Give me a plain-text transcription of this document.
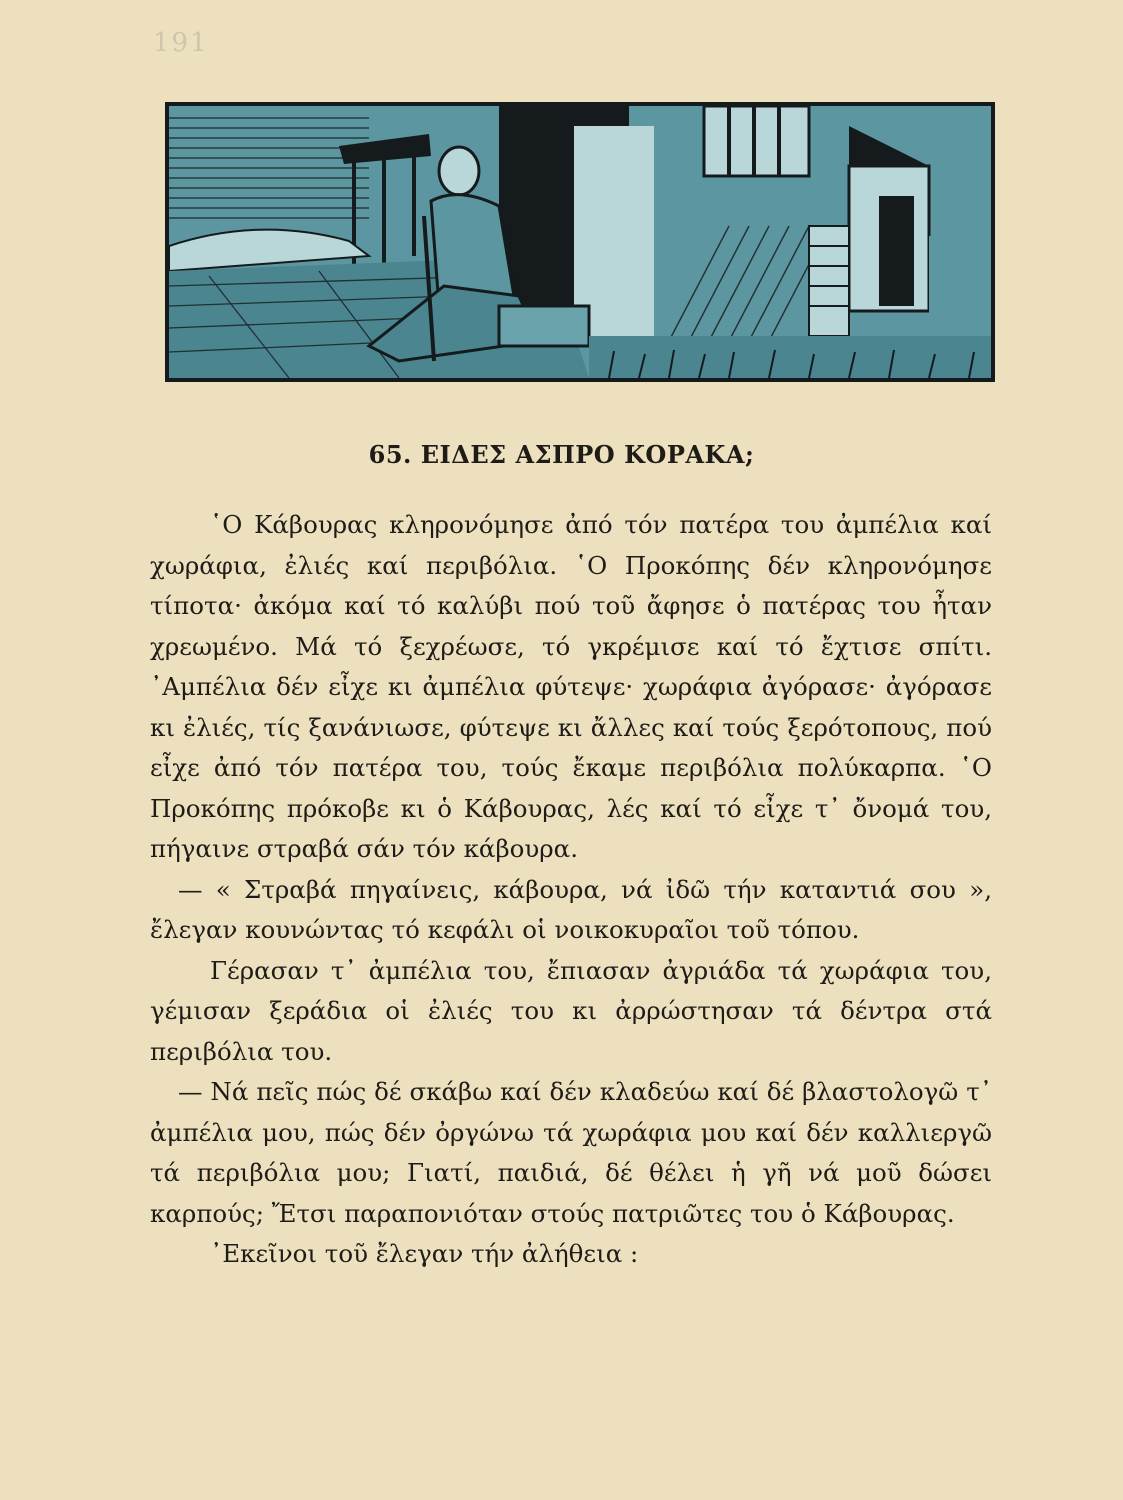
191
65. ΕΙΔΕΣ ΑΣΠΡΟ ΚΟΡΑΚΑ;

῾Ο Κάβουρας κληρονόμησε ἀπό τόν πατέρα του ἀμπέλια καί χωράφια, ἐλιές καί περιβόλια. ῾Ο Προκόπης δέν κληρονόμησε τίποτα· ἀκόμα καί τό καλύβι πού τοῦ ἄφησε ὁ πατέρας του ἦταν χρεωμένο. Μά τό ξεχρέωσε, τό γκρέμισε καί τό ἔχτισε σπίτι. ᾿Αμπέλια δέν εἶχε κι ἀμπέλια φύτεψε· χωράφια ἀγόρασε· ἀγόρασε κι ἐλιές, τίς ξανάνιωσε, φύτεψε κι ἄλλες καί τούς ξερότοπους, πού εἶχε ἀπό τόν πατέρα του, τούς ἔκαμε περιβόλια πολύκαρπα. ῾Ο Προκόπης πρόκοβε κι ὁ Κάβουρας, λές καί τό εἶχε τ᾿ ὄνομά του, πήγαινε στραβά σάν τόν κάβουρα.

— « Στραβά πηγαίνεις, κάβουρα, νά ἰδῶ τήν καταντιά σου », ἔλεγαν κουνώντας τό κεφάλι οἱ νοικοκυραῖοι τοῦ τόπου.

Γέρασαν τ᾿ ἀμπέλια του, ἔπιασαν ἀγριάδα τά χωράφια του, γέμισαν ξεράδια οἱ ἐλιές του κι ἀρρώστησαν τά δέντρα στά περιβόλια του.

— Νά πεῖς πώς δέ σκάβω καί δέν κλαδεύω καί δέ βλαστολογῶ τ᾿ ἀμπέλια μου, πώς δέν ὀργώνω τά χωράφια μου καί δέν καλλιεργῶ τά περιβόλια μου; Γιατί, παιδιά, δέ θέλει ἡ γῆ νά μοῦ δώσει καρπούς; Ἔτσι παραπονιόταν στούς πατριῶτες του ὁ Κάβουρας.

᾿Εκεῖνοι τοῦ ἔλεγαν τήν ἀλήθεια :
